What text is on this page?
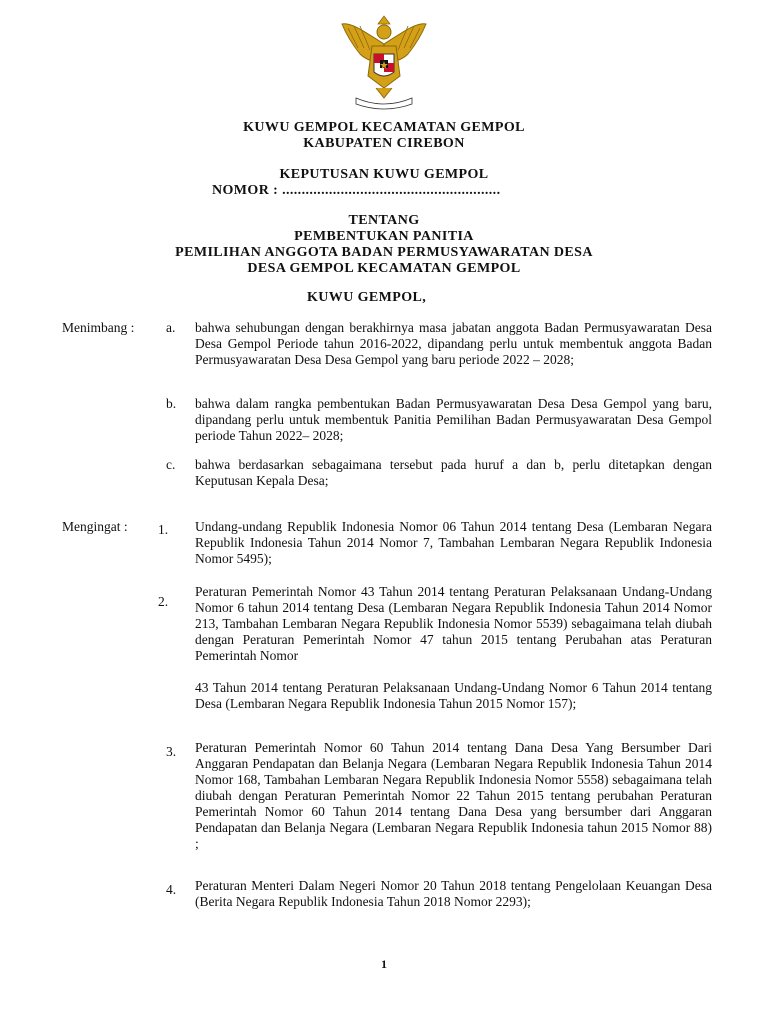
KUWU GEMPOL KECAMATAN GEMPOL

KABUPATEN CIREBON

KEPUTUSAN KUWU GEMPOL

NOMOR : ........................................................

TENTANG

PEMBENTUKAN PANITIA

PEMILIHAN ANGGOTA BADAN PERMUSYAWARATAN DESA

DESA GEMPOL KECAMATAN GEMPOL

KUWU GEMPOL,

Menimbang : a. bahwa sehubungan dengan berakhirnya masa jabatan anggota Badan Permusyawaratan Desa Desa Gempol Periode tahun 2016-2022, dipandang perlu untuk membentuk anggota Badan Permusyawaratan Desa Desa Gempol yang baru periode 2022 – 2028;

b. bahwa dalam rangka pembentukan Badan Permusyawaratan Desa Desa Gempol yang baru, dipandang perlu untuk membentuk Panitia Pemilihan Badan Permusyawaratan Desa Gempol periode Tahun 2022– 2028;

c. bahwa berdasarkan sebagaimana tersebut pada huruf a dan b, perlu ditetapkan dengan Keputusan Kepala Desa;

Mengingat : 1. Undang-undang Republik Indonesia Nomor 06 Tahun 2014 tentang Desa (Lembaran Negara Republik Indonesia Tahun 2014 Nomor 7, Tambahan Lembaran Negara Republik Indonesia Nomor 5495);

2.

Peraturan Pemerintah Nomor 43 Tahun 2014 tentang Peraturan Pelaksanaan Undang-Undang Nomor 6 tahun 2014 tentang Desa (Lembaran Negara Republik Indonesia Tahun 2014 Nomor 213, Tambahan Lembaran Negara Republik Indonesia Nomor 5539) sebagaimana telah diubah dengan Peraturan Pemerintah Nomor 47 tahun 2015 tentang Perubahan atas Peraturan Pemerintah Nomor

43 Tahun 2014 tentang Peraturan Pelaksanaan Undang-Undang Nomor 6 Tahun 2014 tentang Desa (Lembaran Negara Republik Indonesia Tahun 2015 Nomor 157);

3. Peraturan Pemerintah Nomor 60 Tahun 2014 tentang Dana Desa Yang Bersumber Dari Anggaran Pendapatan dan Belanja Negara (Lembaran Negara Republik Indonesia Tahun 2014 Nomor 168, Tambahan Lembaran Negara Republik Indonesia Nomor 5558) sebagaimana telah diubah dengan Peraturan Pemerintah Nomor 22 Tahun 2015 tentang perubahan Peraturan Pemerintah Nomor 60 Tahun 2014 tentang Dana Desa yang bersumber dari Anggaran Pendapatan dan Belanja Negara (Lembaran Negara Republik Indonesia tahun 2015 Nomor 88) ;

4. Peraturan Menteri Dalam Negeri Nomor 20 Tahun 2018 tentang Pengelolaan Keuangan Desa (Berita Negara Republik Indonesia Tahun 2018 Nomor 2293);

1
